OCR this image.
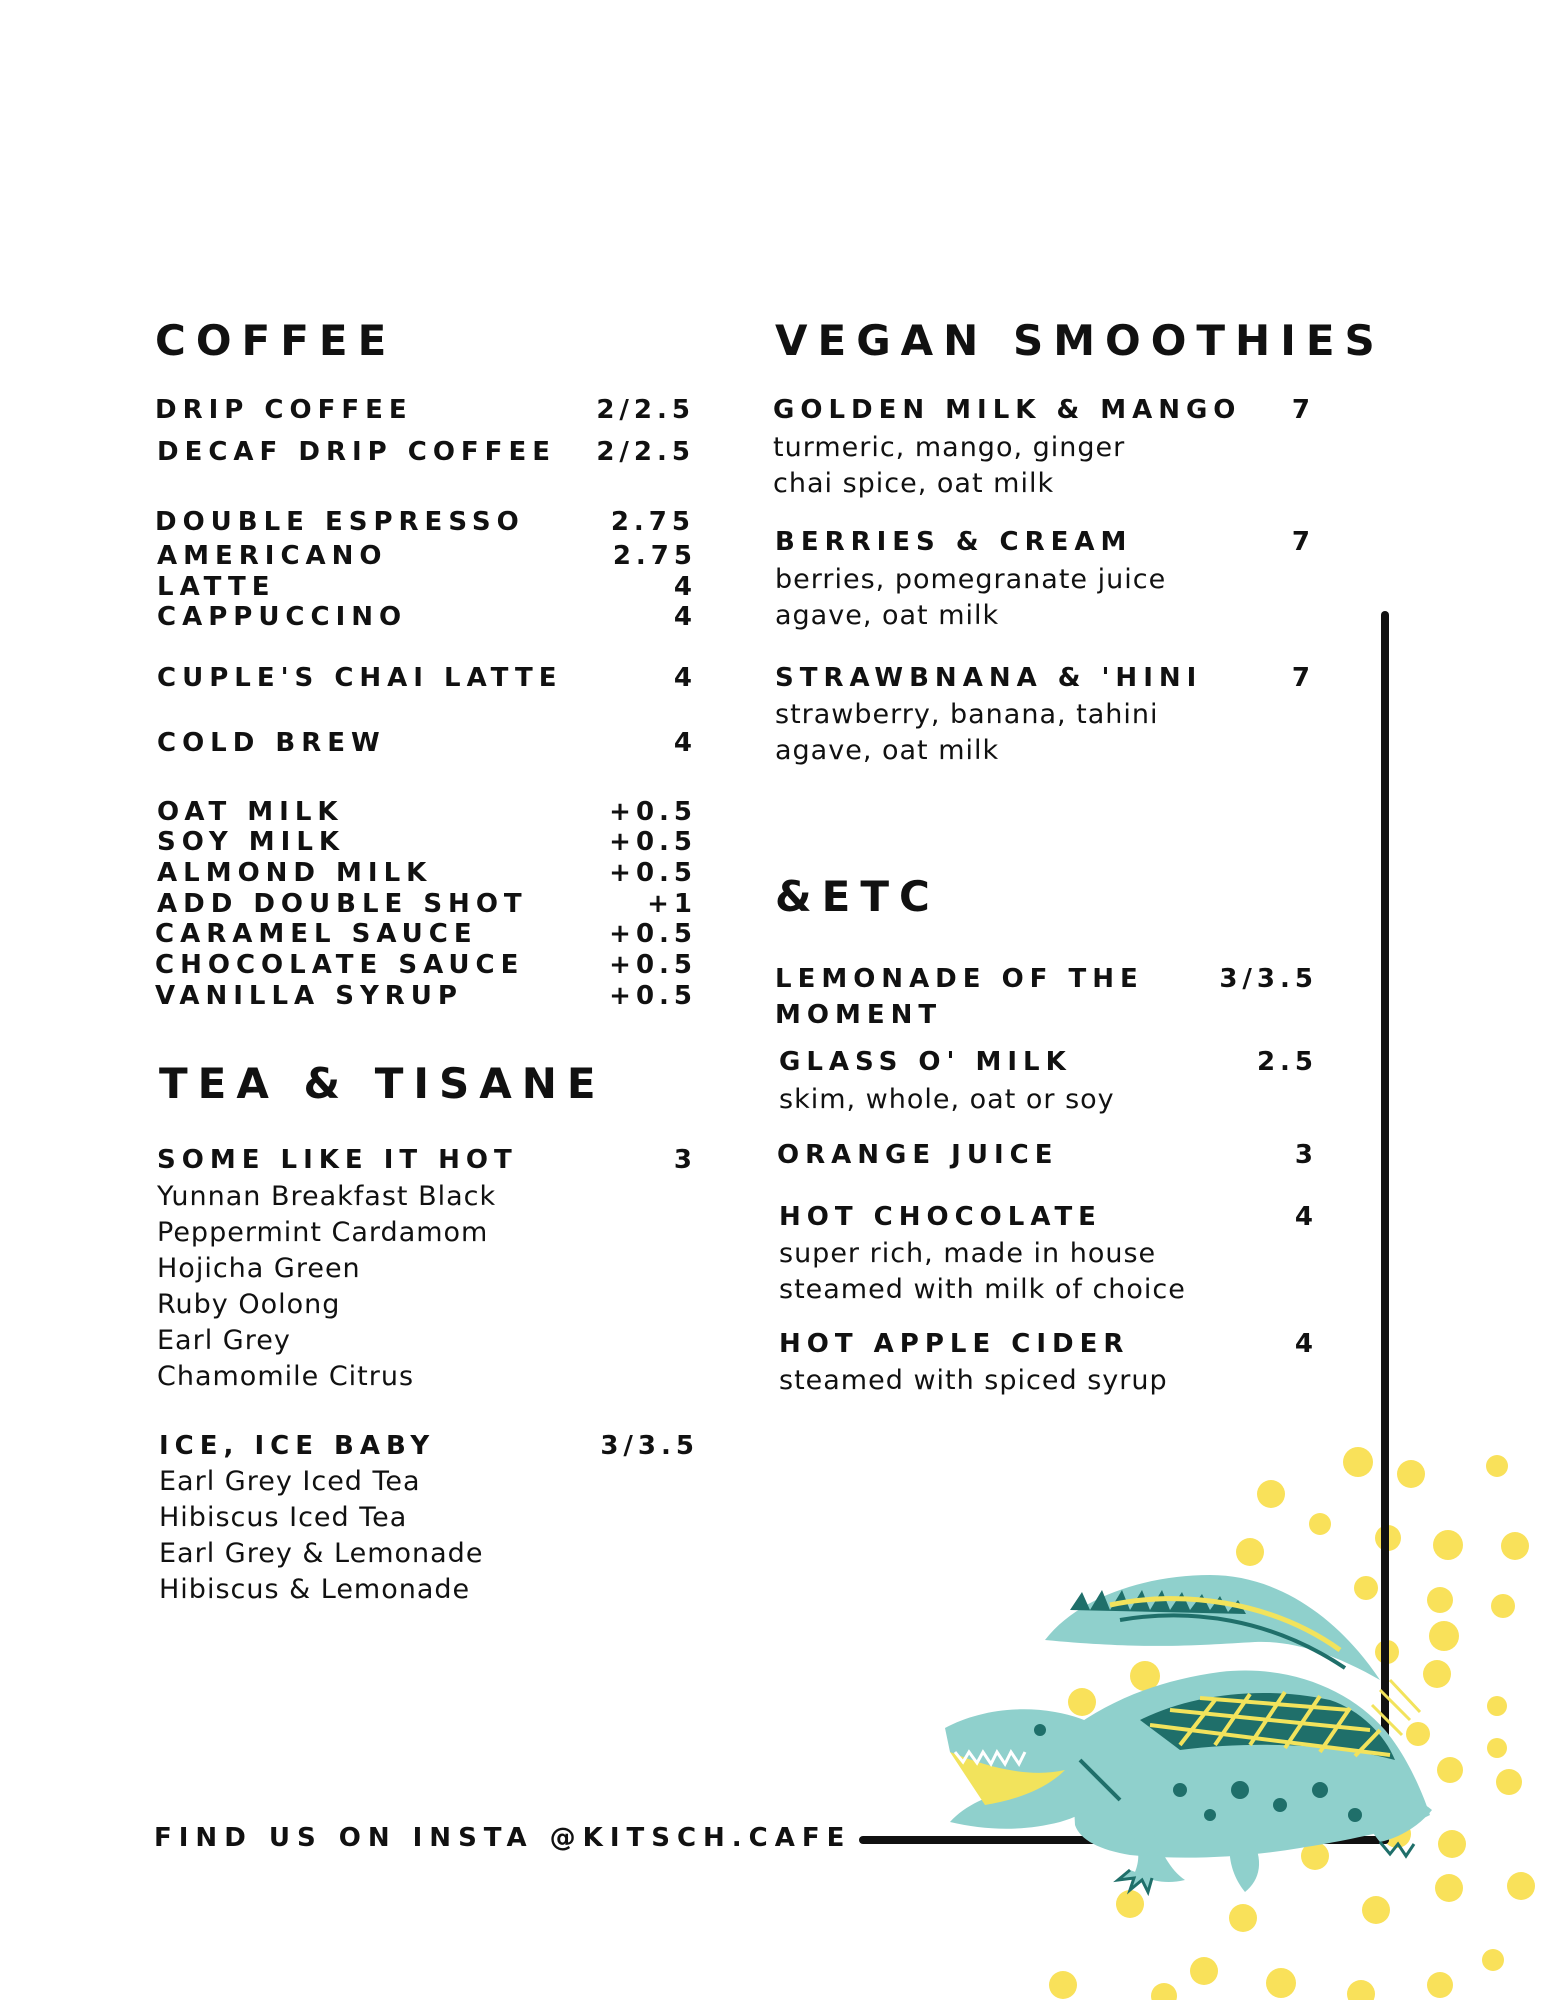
COFFEE
DRIP COFFEE	2/2.5
DECAF DRIP COFFEE 2/2.5
DOUBLE ESPRESSO	2.75
AMERICANO	2.75
LATTE	4
CAPPUCCINO	4
CUPLE'S CHAI LATTE	4
COLD BREW	4
OAT MILK	+0.5
SOY MILK	+0.5
ALMOND MILK	+0.5
ADD DOUBLE SHOT	+1
CARAMEL SAUCE	+0.5
CHOCOLATE SAUCE	+0.5
VANILLA SYRUP	+0.5
TEA & TISANE
SOME LIKE IT HOT	3
Yunnan Breakfast Black
Peppermint Cardamom
Hojicha Green
Ruby Oolong
Earl Grey
Chamomile Citrus
ICE, ICE BABY	3/3.5
Earl Grey Iced Tea
Hibiscus Iced Tea
Earl Grey & Lemonade
Hibiscus & Lemonade
VEGAN SMOOTHIES
GOLDEN MILK & MANGO 7
turmeric, mango, ginger
chai spice, oat milk
BERRIES & CREAM	7
berries, pomegranate juice
agave, oat milk
STRAWBNANA & 'HINI	7
strawberry, banana, tahini
agave, oat milk
&ETC
LEMONADE OF THE
MOMENT
3/3.5
GLASS O' MILK	2.5
skim, whole, oat or soy
ORANGE JUICE	3
HOT CHOCOLATE	4
super rich, made in house
steamed with milk of choice
HOT APPLE CIDER	4
steamed with spiced syrup
FIND US ON INSTA @KITSCH.CAFE
